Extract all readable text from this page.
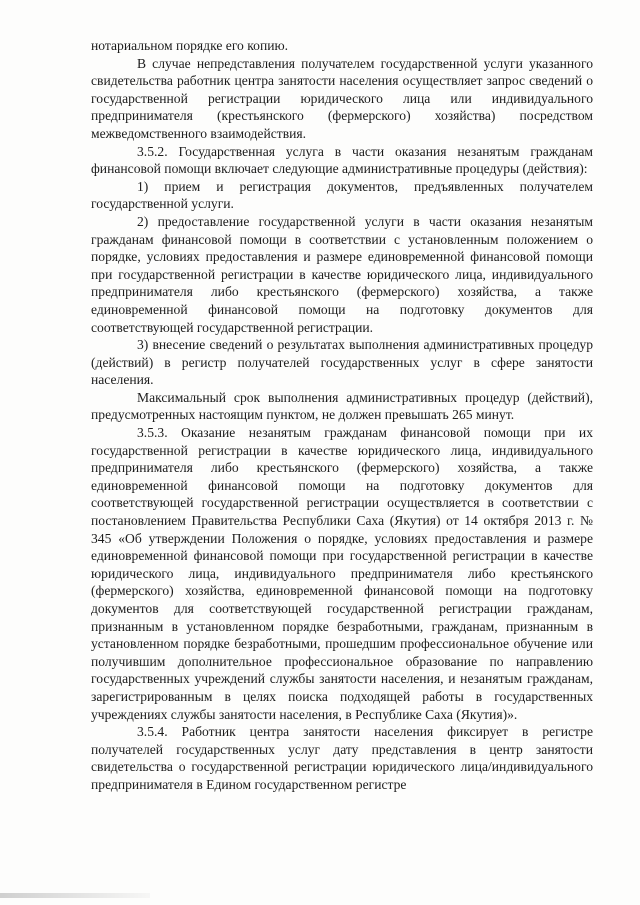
нотариальном порядке его копию.

В случае непредставления получателем государственной услуги указанного свидетельства работник центра занятости населения осуществляет запрос сведений о государственной регистрации юридического лица или индивидуального предпринимателя (крестьянского (фермерского) хозяйства) посредством межведомственного взаимодействия.

3.5.2. Государственная услуга в части оказания незанятым гражданам финансовой помощи включает следующие административные процедуры (действия):

1) прием и регистрация документов, предъявленных получателем государственной услуги.

2) предоставление государственной услуги в части оказания незанятым гражданам финансовой помощи в соответствии с установленным положением о порядке, условиях предоставления и размере единовременной финансовой помощи при государственной регистрации в качестве юридического лица, индивидуального предпринимателя либо крестьянского (фермерского) хозяйства, а также единовременной финансовой помощи на подготовку документов для соответствующей государственной регистрации.

3) внесение сведений о результатах выполнения административных процедур (действий) в регистр получателей государственных услуг в сфере занятости населения.

Максимальный срок выполнения административных процедур (действий), предусмотренных настоящим пунктом, не должен превышать 265 минут.

3.5.3. Оказание незанятым гражданам финансовой помощи при их государственной регистрации в качестве юридического лица, индивидуального предпринимателя либо крестьянского (фермерского) хозяйства, а также единовременной финансовой помощи на подготовку документов для соответствующей государственной регистрации осуществляется в соответствии с постановлением Правительства Республики Саха (Якутия) от 14 октября 2013 г. № 345 «Об утверждении Положения о порядке, условиях предоставления и размере единовременной финансовой помощи при государственной регистрации в качестве юридического лица, индивидуального предпринимателя либо крестьянского (фермерского) хозяйства, единовременной финансовой помощи на подготовку документов для соответствующей государственной регистрации гражданам, признанным в установленном порядке безработными, гражданам, признанным в установленном порядке безработными, прошедшим профессиональное обучение или получившим дополнительное профессиональное образование по направлению государственных учреждений службы занятости населения, и незанятым гражданам, зарегистрированным в целях поиска подходящей работы в государственных учреждениях службы занятости населения, в Республике Саха (Якутия)».

3.5.4. Работник центра занятости населения фиксирует в регистре получателей государственных услуг дату представления в центр занятости свидетельства о государственной регистрации юридического лица/индивидуального предпринимателя в Едином государственном регистре
